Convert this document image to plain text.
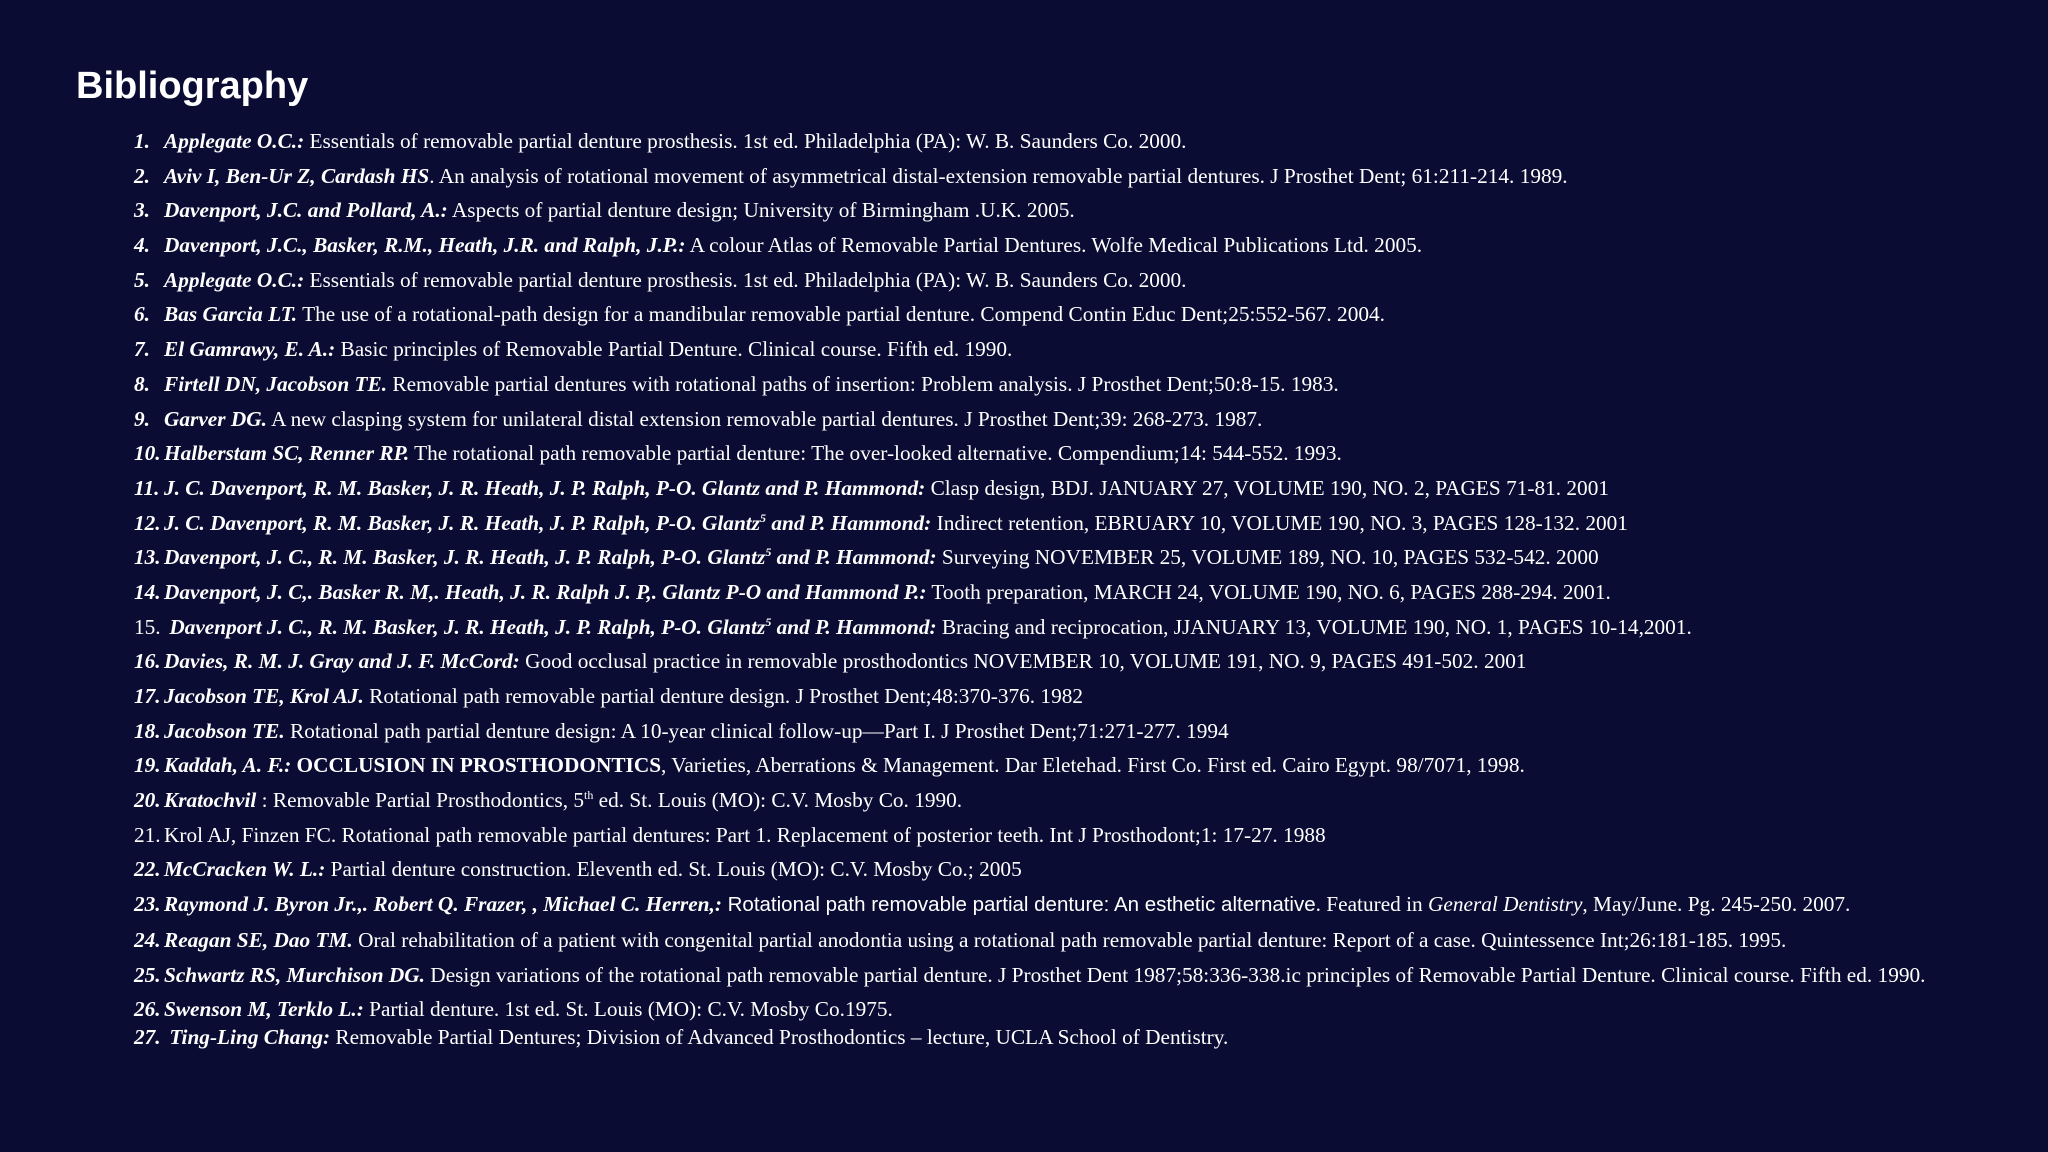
Bibliography
1. Applegate O.C.: Essentials of removable partial denture prosthesis. 1st ed. Philadelphia (PA): W. B. Saunders Co. 2000.
2. Aviv I, Ben-Ur Z, Cardash HS. An analysis of rotational movement of asymmetrical distal-extension removable partial dentures. J Prosthet Dent; 61:211-214. 1989.
3. Davenport, J.C. and Pollard, A.: Aspects of partial denture design; University of Birmingham .U.K. 2005.
4. Davenport, J.C., Basker, R.M., Heath, J.R. and Ralph, J.P.: A colour Atlas of Removable Partial Dentures. Wolfe Medical Publications Ltd. 2005.
5. Applegate O.C.: Essentials of removable partial denture prosthesis. 1st ed. Philadelphia (PA): W. B. Saunders Co. 2000.
6. Bas Garcia LT. The use of a rotational-path design for a mandibular removable partial denture. Compend Contin Educ Dent;25:552-567. 2004.
7. El Gamrawy, E. A.: Basic principles of Removable Partial Denture. Clinical course. Fifth ed. 1990.
8. Firtell DN, Jacobson TE. Removable partial dentures with rotational paths of insertion: Problem analysis. J Prosthet Dent;50:8-15. 1983.
9. Garver DG. A new clasping system for unilateral distal extension removable partial dentures. J Prosthet Dent;39: 268-273. 1987.
10. Halberstam SC, Renner RP. The rotational path removable partial denture: The over-looked alternative. Compendium;14: 544-552. 1993.
11. J. C. Davenport, R. M. Basker, J. R. Heath, J. P. Ralph, P-O. Glantz and P. Hammond: Clasp design, BDJ. JANUARY 27, VOLUME 190, NO. 2, PAGES 71-81. 2001
12. J. C. Davenport, R. M. Basker, J. R. Heath, J. P. Ralph, P-O. Glantz$^5$ and P. Hammond: Indirect retention, EBRUARY 10, VOLUME 190, NO. 3, PAGES 128-132. 2001
13. Davenport, J. C., R. M. Basker, J. R. Heath, J. P. Ralph, P-O. Glantz$^5$ and P. Hammond: Surveying NOVEMBER 25, VOLUME 189, NO. 10, PAGES 532-542. 2000
14. Davenport, J. C,. Basker R. M,. Heath, J. R. Ralph J. P,. Glantz P-O and Hammond P.: Tooth preparation, MARCH 24, VOLUME 190, NO. 6, PAGES 288-294. 2001.
15. Davenport J. C., R. M. Basker, J. R. Heath, J. P. Ralph, P-O. Glantz$^5$ and P. Hammond: Bracing and reciprocation, JJANUARY 13, VOLUME 190, NO. 1, PAGES 10-14,2001.
16. Davies, R. M. J. Gray and J. F. McCord: Good occlusal practice in removable prosthodontics NOVEMBER 10, VOLUME 191, NO. 9, PAGES 491-502. 2001
17. Jacobson TE, Krol AJ. Rotational path removable partial denture design. J Prosthet Dent;48:370-376. 1982
18. Jacobson TE. Rotational path partial denture design: A 10-year clinical follow-up—Part I. J Prosthet Dent;71:271-277. 1994
19. Kaddah, A. F.: OCCLUSION IN PROSTHODONTICS, Varieties, Aberrations & Management. Dar Eletehad. First Co. First ed. Cairo Egypt. 98/7071, 1998.
20. Kratochvil : Removable Partial Prosthodontics, 5th ed. St. Louis (MO): C.V. Mosby Co. 1990.
21. Krol AJ, Finzen FC. Rotational path removable partial dentures: Part 1. Replacement of posterior teeth. Int J Prosthodont;1: 17-27. 1988
22. McCracken W. L.: Partial denture construction. Eleventh ed. St. Louis (MO): C.V. Mosby Co.; 2005
23. Raymond J. Byron Jr.,. Robert Q. Frazer, , Michael C. Herren,: Rotational path removable partial denture: An esthetic alternative. Featured in General Dentistry, May/June. Pg. 245-250. 2007.
24. Reagan SE, Dao TM. Oral rehabilitation of a patient with congenital partial anodontia using a rotational path removable partial denture: Report of a case. Quintessence Int;26:181-185. 1995.
25. Schwartz RS, Murchison DG. Design variations of the rotational path removable partial denture. J Prosthet Dent 1987;58:336-338.ic principles of Removable Partial Denture. Clinical course. Fifth ed. 1990.
26. Swenson M, Terklo L.: Partial denture. 1st ed. St. Louis (MO): C.V. Mosby Co.1975.
27. Ting-Ling Chang: Removable Partial Dentures; Division of Advanced Prosthodontics – lecture, UCLA School of Dentistry.
